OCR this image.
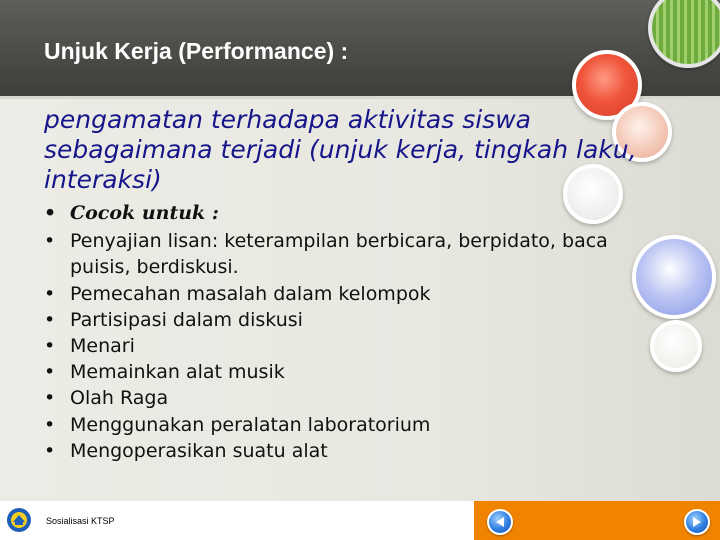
Unjuk Kerja (Performance) :
pengamatan terhadapa aktivitas siswa sebagaimana terjadi (unjuk kerja, tingkah laku, interaksi)
• Cocok untuk :
• Penyajian lisan: keterampilan berbicara, berpidato, baca
puisis, berdiskusi.
• Pemecahan masalah dalam kelompok
• Partisipasi dalam diskusi
• Menari
• Memainkan alat musik
• Olah Raga
• Menggunakan peralatan laboratorium
• Mengoperasikan suatu alat
Sosialisasi KTSP
